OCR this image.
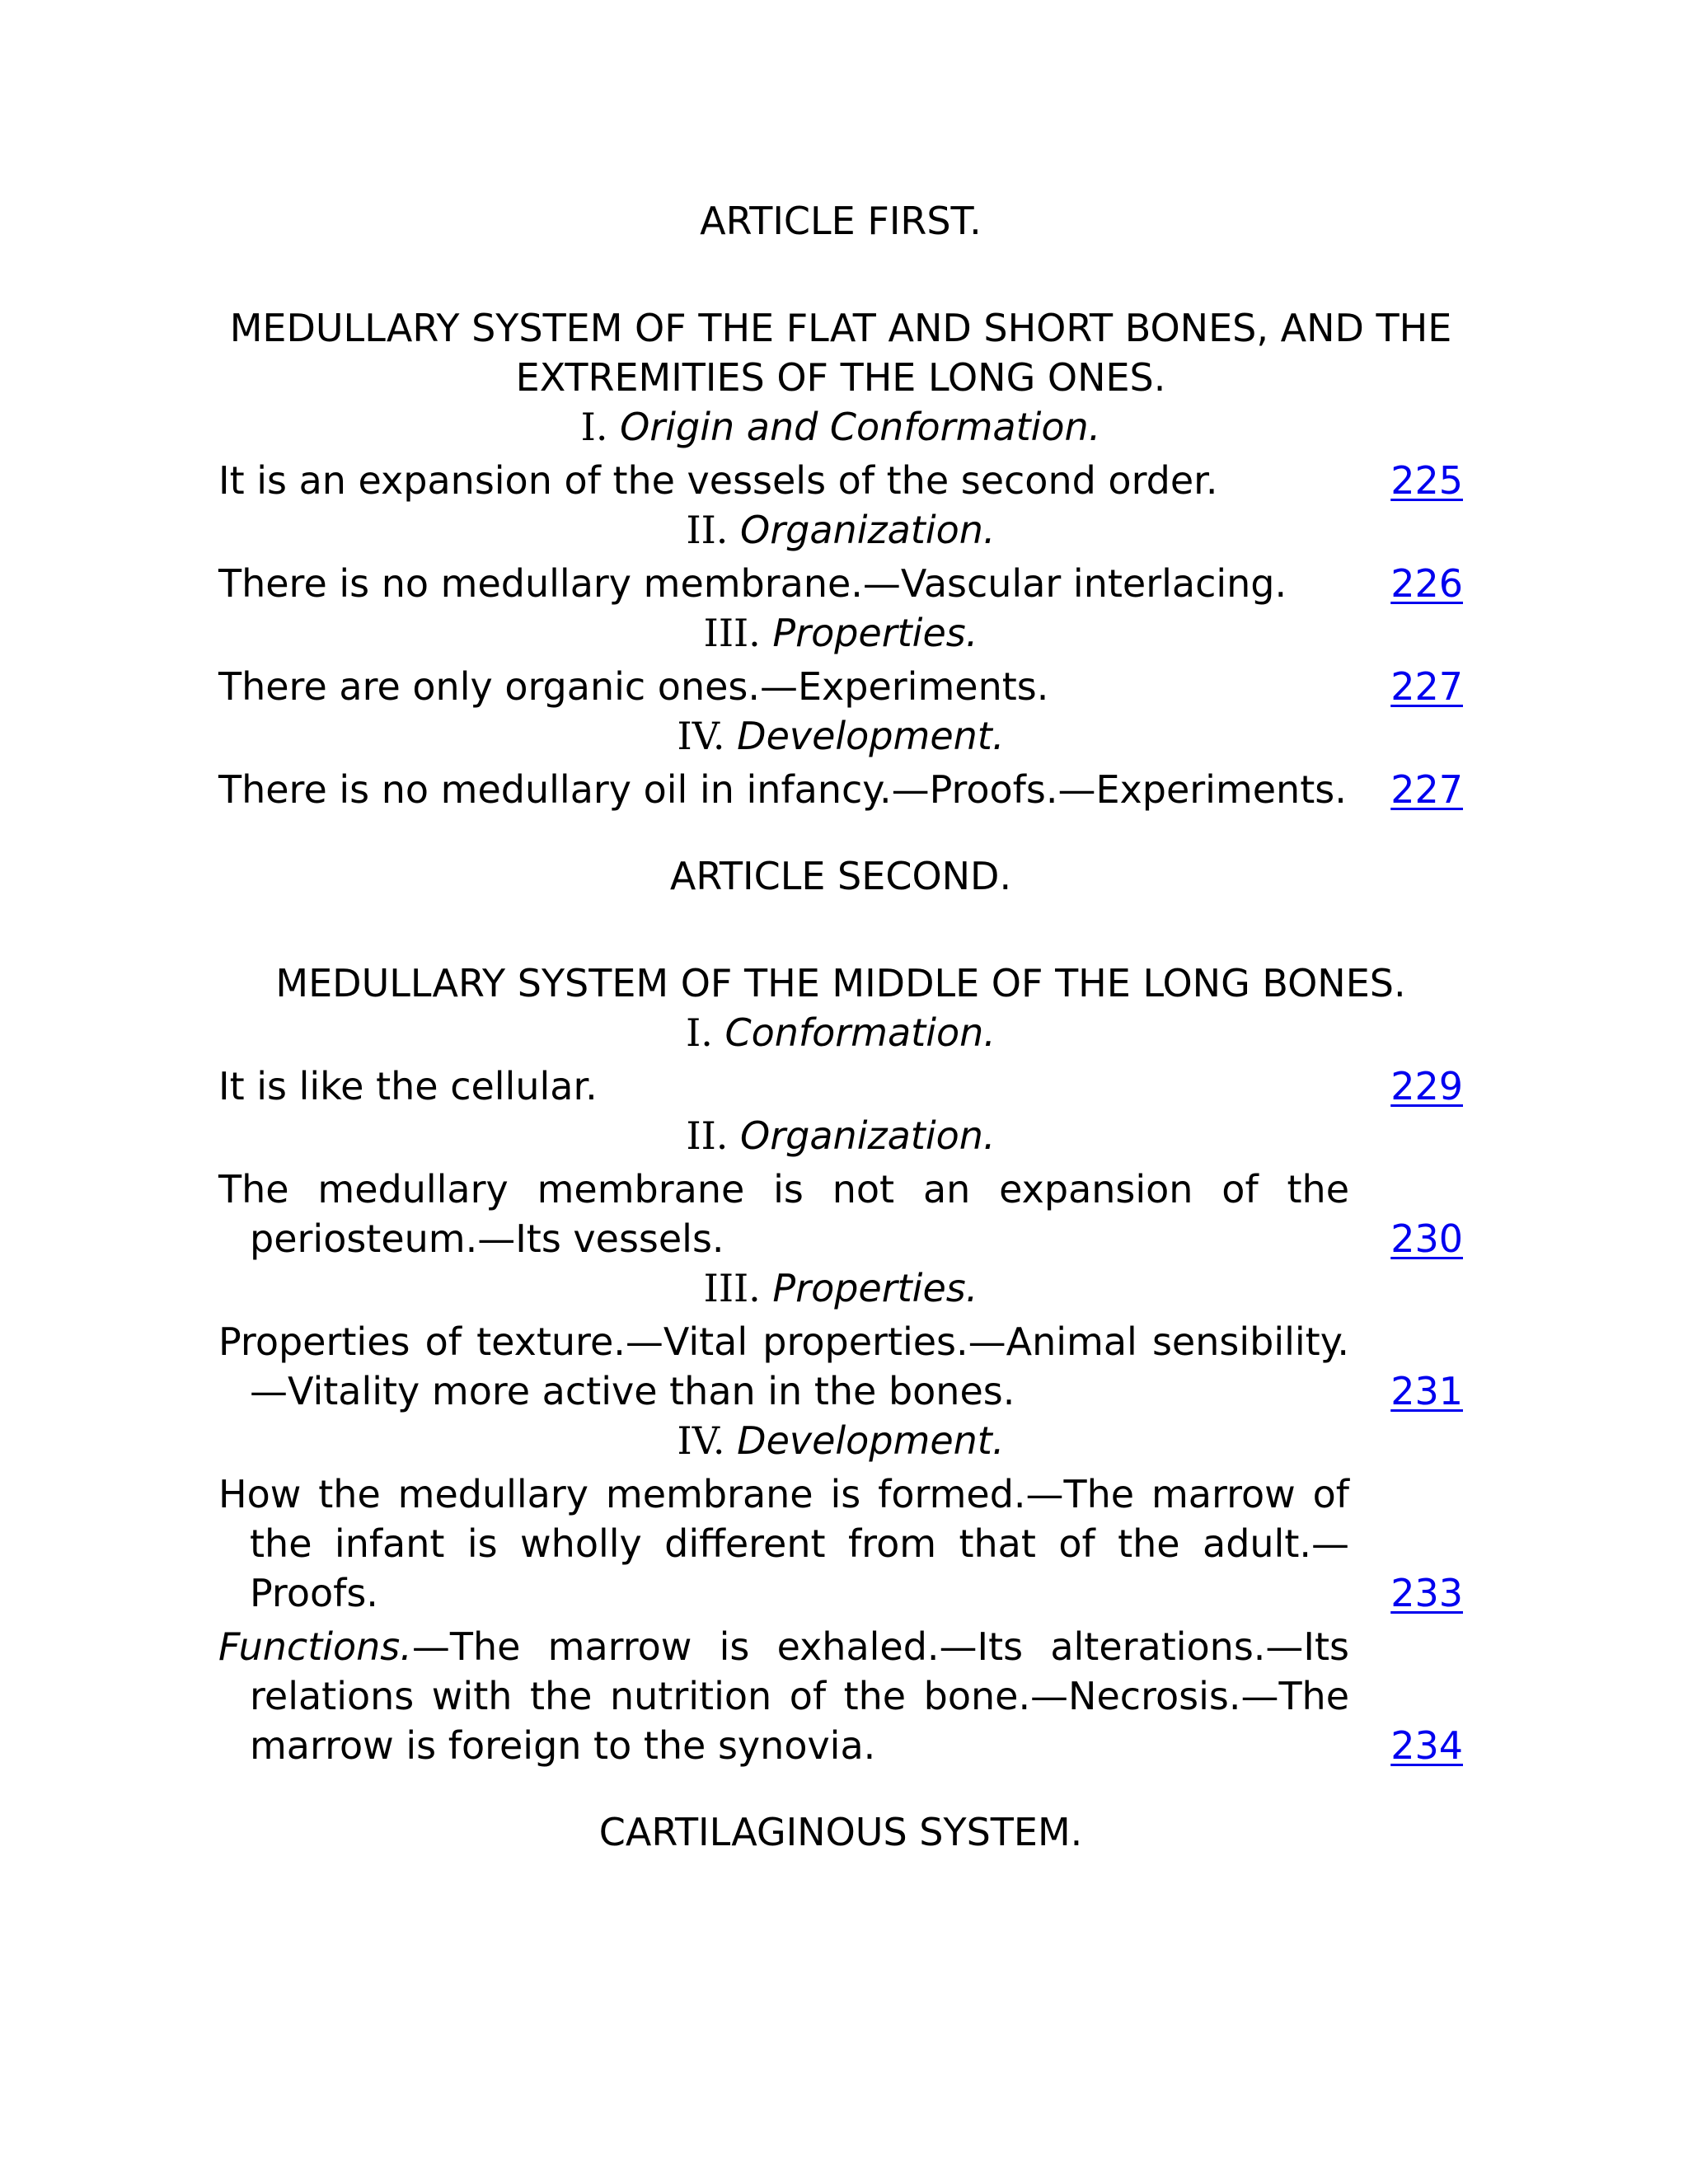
ARTICLE FIRST.
MEDULLARY SYSTEM OF THE FLAT AND SHORT BONES, AND THE EXTREMITIES OF THE LONG ONES.
I. Origin and Conformation.
It is an expansion of the vessels of the second order.	225
II. Organization.
There is no medullary membrane.—Vascular interlacing.	226
III. Properties.
There are only organic ones.—Experiments.	227
IV. Development.
There is no medullary oil in infancy.—Proofs.—Experiments. 227
ARTICLE SECOND.
MEDULLARY SYSTEM OF THE MIDDLE OF THE LONG BONES.
I. Conformation.
It is like the cellular.	229
II. Organization.
The medullary membrane is not an expansion of the periosteum.—Its vessels.	230
III. Properties.
Properties of texture.—Vital properties.—Animal sensibility.—Vitality more active than in the bones.	231
IV. Development.
How the medullary membrane is formed.—The marrow of the infant is wholly different from that of the adult.—Proofs.	233
Functions.—The marrow is exhaled.—Its alterations.—Its relations with the nutrition of the bone.—Necrosis.—The marrow is foreign to the synovia.	234
CARTILAGINOUS SYSTEM.
